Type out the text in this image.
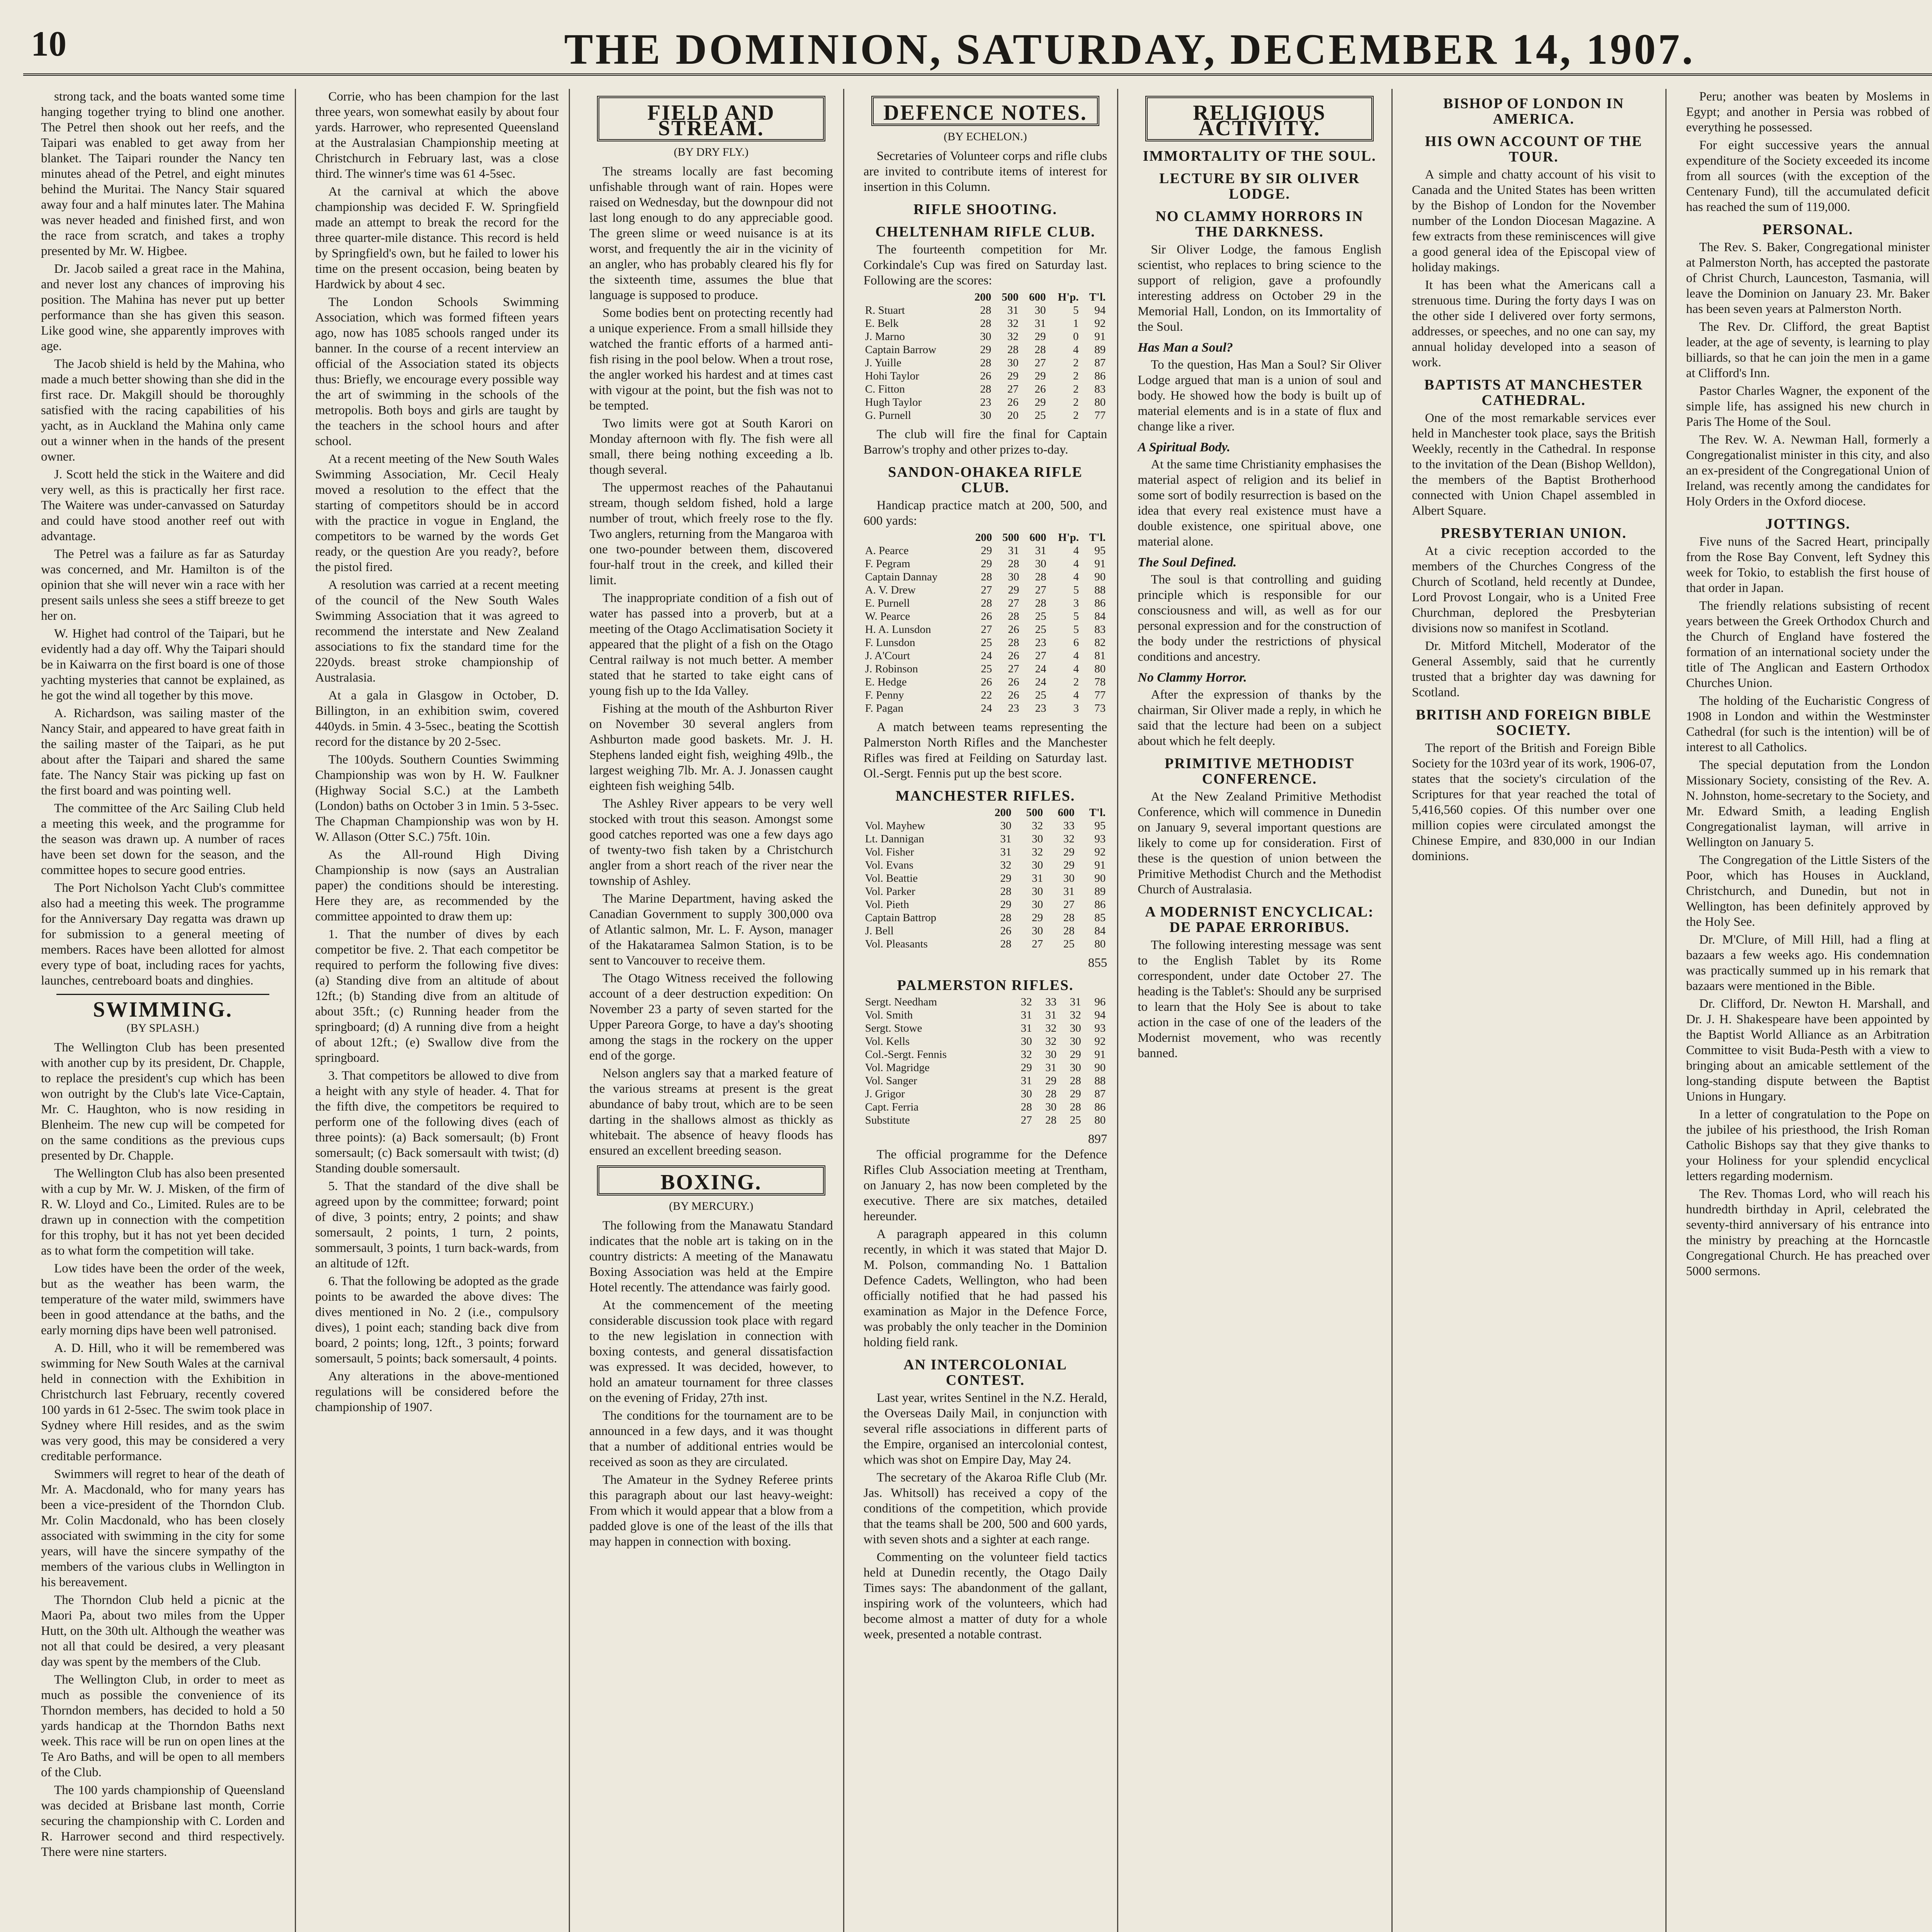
10	THE DOMINION, SATURDAY, DECEMBER 14, 1907.

strong tack, and the boats wanted some time hanging together trying to blind one another. The Petrel then shook out her reefs, and the Taipari was enabled to get away from her blanket. The Taipari rounder the Nancy ten minutes ahead of the Petrel, and eight minutes behind the Muritai. The Nancy Stair squared away four and a half minutes later. The Mahina was never headed and finished first, and won the race from scratch, and takes a trophy presented by Mr. W. Higbee.

Dr. Jacob sailed a great race in the Mahina, and never lost any chances of improving his position. The Mahina has never put up better performance than she has given this season. Like good wine, she apparently improves with age.

The Jacob shield is held by the Mahina, who made a much better showing than she did in the first race. Dr. Makgill should be thoroughly satisfied with the racing capabilities of his yacht, as in Auckland the Mahina only came out a winner when in the hands of the present owner.

J. Scott held the stick in the Waitere and did very well, as this is practically her first race. The Waitere was under-canvassed on Saturday and could have stood another reef out with advantage.

The Petrel was a failure as far as Saturday was concerned, and Mr. Hamilton is of the opinion that she will never win a race with her present sails unless she sees a stiff breeze to get her on.

W. Highet had control of the Taipari, but he evidently had a day off. Why the Taipari should be in Kaiwarra on the first board is one of those yachting mysteries that cannot be explained, as he got the wind all together by this move.

A. Richardson, was sailing master of the Nancy Stair, and appeared to have great faith in the sailing master of the Taipari, as he put about after the Taipari and shared the same fate. The Nancy Stair was picking up fast on the first board and was pointing well.

The committee of the Arc Sailing Club held a meeting this week, and the programme for the season was drawn up. A number of races have been set down for the season, and the committee hopes to secure good entries.

The Port Nicholson Yacht Club's committee also had a meeting this week. The programme for the Anniversary Day regatta was drawn up for submission to a general meeting of members. Races have been allotted for almost every type of boat, including races for yachts, launches, centreboard boats and dinghies.

SWIMMING.
(BY SPLASH.)

The Wellington Club has been presented with another cup by its president, Dr. Chapple, to replace the president's cup which has been won outright by the Club's late Vice-Captain, Mr. C. Haughton, who is now residing in Blenheim. The new cup will be competed for on the same conditions as the previous cups presented by Dr. Chapple.

The Wellington Club has also been presented with a cup by Mr. W. J. Misken, of the firm of R. W. Lloyd and Co., Limited. Rules are to be drawn up in connection with the competition for this trophy, but it has not yet been decided as to what form the competition will take.

Low tides have been the order of the week, but as the weather has been warm, the temperature of the water mild, swimmers have been in good attendance at the baths, and the early morning dips have been well patronised.

A. D. Hill, who it will be remembered was swimming for New South Wales at the carnival held in connection with the Exhibition in Christchurch last February, recently covered 100 yards in 61 2-5sec. The swim took place in Sydney where Hill resides, and as the swim was very good, this may be considered a very creditable performance.

Swimmers will regret to hear of the death of Mr. A. Macdonald, who for many years has been a vice-president of the Thorndon Club. Mr. Colin Macdonald, who has been closely associated with swimming in the city for some years, will have the sincere sympathy of the members of the various clubs in Wellington in his bereavement.

The Thorndon Club held a picnic at the Maori Pa, about two miles from the Upper Hutt, on the 30th ult. Although the weather was not all that could be desired, a very pleasant day was spent by the members of the Club.

The Wellington Club, in order to meet as much as possible the convenience of its Thorndon members, has decided to hold a 50 yards handicap at the Thorndon Baths next week. This race will be run on open lines at the Te Aro Baths, and will be open to all members of the Club.

The 100 yards championship of Queensland was decided at Brisbane last month, Corrie securing the championship with C. Lorden and R. Harrower second and third respectively. There were nine starters.

Corrie, who has been champion for the last three years, won somewhat easily by about four yards. Harrower, who represented Queensland at the Australasian Championship meeting at Christchurch in February last, was a close third. The winner's time was 61 4-5sec.

At the carnival at which the above championship was decided F. W. Springfield made an attempt to break the record for the three quarter-mile distance. This record is held by Springfield's own, but he failed to lower his time on the present occasion, being beaten by Hardwick by about 4 sec.

The London Schools Swimming Association, which was formed fifteen years ago, now has 1085 schools ranged under its banner. In the course of a recent interview an official of the Association stated its objects thus: Briefly, we encourage every possible way the art of swimming in the schools of the metropolis. Both boys and girls are taught by the teachers in the school hours and after school.

At a recent meeting of the New South Wales Swimming Association, Mr. Cecil Healy moved a resolution to the effect that the starting of competitors should be in accord with the practice in vogue in England, the competitors to be warned by the words Get ready, or the question Are you ready?, before the pistol fired.

A resolution was carried at a recent meeting of the council of the New South Wales Swimming Association that it was agreed to recommend the interstate and New Zealand associations to fix the standard time for the 220yds. breast stroke championship of Australasia.

At a gala in Glasgow in October, D. Billington, in an exhibition swim, covered 440yds. in 5min. 4 3-5sec., beating the Scottish record for the distance by 20 2-5sec.

The 100yds. Southern Counties Swimming Championship was won by H. W. Faulkner (Highway Social S.C.) at the Lambeth (London) baths on October 3 in 1min. 5 3-5sec. The Chapman Championship was won by H. W. Allason (Otter S.C.) 75ft. 10in.

As the All-round High Diving Championship is now (says an Australian paper) the conditions should be interesting. Here they are, as recommended by the committee appointed to draw them up:

1. That the number of dives by each competitor be five. 2. That each competitor be required to perform the following five dives: (a) Standing dive from an altitude of about 12ft.; (b) Standing dive from an altitude of about 35ft.; (c) Running header from the springboard; (d) A running dive from a height of about 12ft.; (e) Swallow dive from the springboard.

3. That competitors be allowed to dive from a height with any style of header. 4. That for the fifth dive, the competitors be required to perform one of the following dives (each of three points): (a) Back somersault; (b) Front somersault; (c) Back somersault with twist; (d) Standing double somersault.

5. That the standard of the dive shall be agreed upon by the committee; forward; point of dive, 3 points; entry, 2 points; and shaw somersault, 2 points, 1 turn, 2 points, sommersault, 3 points, 1 turn back-wards, from an altitude of 12ft.

6. That the following be adopted as the grade points to be awarded the above dives: The dives mentioned in No. 2 (i.e., compulsory dives), 1 point each; standing back dive from board, 2 points; long, 12ft., 3 points; forward somersault, 5 points; back somersault, 4 points.

Any alterations in the above-mentioned regulations will be considered before the championship of 1907.

FIELD AND STREAM.
(BY DRY FLY.)

The streams locally are fast becoming unfishable through want of rain. Hopes were raised on Wednesday, but the downpour did not last long enough to do any appreciable good. The green slime or weed nuisance is at its worst, and frequently the air in the vicinity of an angler, who has probably cleared his fly for the sixteenth time, assumes the blue that language is supposed to produce.

Some bodies bent on protecting recently had a unique experience. From a small hillside they watched the frantic efforts of a harmed anti-fish rising in the pool below. When a trout rose, the angler worked his hardest and at times cast with vigour at the point, but the fish was not to be tempted.

Two limits were got at South Karori on Monday afternoon with fly. The fish were all small, there being nothing exceeding a lb. though several.

The uppermost reaches of the Pahautanui stream, though seldom fished, hold a large number of trout, which freely rose to the fly. Two anglers, returning from the Mangaroa with one two-pounder between them, discovered four-half trout in the creek, and killed their limit.

The inappropriate condition of a fish out of water has passed into a proverb, but at a meeting of the Otago Acclimatisation Society it appeared that the plight of a fish on the Otago Central railway is not much better. A member stated that he started to take eight cans of young fish up to the Ida Valley.

Fishing at the mouth of the Ashburton River on November 30 several anglers from Ashburton made good baskets. Mr. J. H. Stephens landed eight fish, weighing 49lb., the largest weighing 7lb. Mr. A. J. Jonassen caught eighteen fish weighing 54lb.

The Ashley River appears to be very well stocked with trout this season. Amongst some good catches reported was one a few days ago of twenty-two fish taken by a Christchurch angler from a short reach of the river near the township of Ashley.

The Marine Department, having asked the Canadian Government to supply 300,000 ova of Atlantic salmon, Mr. L. F. Ayson, manager of the Hakataramea Salmon Station, is to be sent to Vancouver to receive them.

The Otago Witness received the following account of a deer destruction expedition: On November 23 a party of seven started for the Upper Pareora Gorge, to have a day's shooting among the stags in the rockery on the upper end of the gorge.

Nelson anglers say that a marked feature of the various streams at present is the great abundance of baby trout, which are to be seen darting in the shallows almost as thickly as whitebait. The absence of heavy floods has ensured an excellent breeding season.

BOXING.
(BY MERCURY.)

The following from the Manawatu Standard indicates that the noble art is taking on in the country districts: A meeting of the Manawatu Boxing Association was held at the Empire Hotel recently. The attendance was fairly good.

At the commencement of the meeting considerable discussion took place with regard to the new legislation in connection with boxing contests, and general dissatisfaction was expressed. It was decided, however, to hold an amateur tournament for three classes on the evening of Friday, 27th inst.

The conditions for the tournament are to be announced in a few days, and it was thought that a number of additional entries would be received as soon as they are circulated.

The Amateur in the Sydney Referee prints this paragraph about our last heavy-weight: From which it would appear that a blow from a padded glove is one of the least of the ills that may happen in connection with boxing.

DEFENCE NOTES.
(BY ECHELON.)

Secretaries of Volunteer corps and rifle clubs are invited to contribute items of interest for insertion in this Column.

RIFLE SHOOTING.
CHELTENHAM RIFLE CLUB.

The fourteenth competition for Mr. Corkindale's Cup was fired on Saturday last. Following are the scores:

	200	500	600	H'p.	T'l.
R. Stuart	28	31	30	5	94
E. Belk	28	32	31	1	92
J. Marno	30	32	29	0	91
Captain Barrow	29	28	28	4	89
J. Yuille	28	30	27	2	87
Hohi Taylor	26	29	29	2	86
C. Fitton	28	27	26	2	83
Hugh Taylor	23	26	29	2	80
G. Purnell	30	20	25	2	77

The club will fire the final for Captain Barrow's trophy and other prizes to-day.

SANDON-OHAKEA RIFLE CLUB.

Handicap practice match at 200, 500, and 600 yards:

	200	500	600	H'p.	T'l.
A. Pearce	29	31	31	4	95
F. Pegram	29	28	30	4	91
Captain Dannay	28	30	28	4	90
A. V. Drew	27	29	27	5	88
E. Purnell	28	27	28	3	86
W. Pearce	26	28	25	5	84
H. A. Lunsdon	27	26	25	5	83
F. Lunsdon	25	28	23	6	82
J. A'Court	24	26	27	4	81
J. Robinson	25	27	24	4	80
E. Hedge	26	26	24	2	78
F. Penny	22	26	25	4	77
F. Pagan	24	23	23	3	73

A match between teams representing the Palmerston North Rifles and the Manchester Rifles was fired at Feilding on Saturday last. Ol.-Sergt. Fennis put up the best score.

MANCHESTER RIFLES.
	200	500	600	T'l.
Vol. Mayhew	30	32	33	95
Lt. Dannigan	31	30	32	93
Vol. Fisher	31	32	29	92
Vol. Evans	32	30	29	91
Vol. Beattie	29	31	30	90
Vol. Parker	28	30	31	89
Vol. Pieth	29	30	27	86
Captain Battrop	28	29	28	85
J. Bell	26	30	28	84
Vol. Pleasants	28	27	25	80
855
PALMERSTON RIFLES.
Sergt. Needham	32	33	31	96
Vol. Smith	31	31	32	94
Sergt. Stowe	31	32	30	93
Vol. Kells	30	32	30	92
Col.-Sergt. Fennis	32	30	29	91
Vol. Magridge	29	31	30	90
Vol. Sanger	31	29	28	88
J. Grigor	30	28	29	87
Capt. Ferria	28	30	28	86
Substitute	27	28	25	80
897

The official programme for the Defence Rifles Club Association meeting at Trentham, on January 2, has now been completed by the executive. There are six matches, detailed hereunder.

A paragraph appeared in this column recently, in which it was stated that Major D. M. Polson, commanding No. 1 Battalion Defence Cadets, Wellington, who had been officially notified that he had passed his examination as Major in the Defence Force, was probably the only teacher in the Dominion holding field rank.

AN INTERCOLONIAL CONTEST.

Last year, writes Sentinel in the N.Z. Herald, the Overseas Daily Mail, in conjunction with several rifle associations in different parts of the Empire, organised an intercolonial contest, which was shot on Empire Day, May 24.

The secretary of the Akaroa Rifle Club (Mr. Jas. Whitsoll) has received a copy of the conditions of the competition, which provide that the teams shall be 200, 500 and 600 yards, with seven shots and a sighter at each range.

Commenting on the volunteer field tactics held at Dunedin recently, the Otago Daily Times says: The abandonment of the gallant, inspiring work of the volunteers, which had become almost a matter of duty for a whole week, presented a notable contrast.

RELIGIOUS ACTIVITY.
IMMORTALITY OF THE SOUL.
LECTURE BY SIR OLIVER LODGE.
NO CLAMMY HORRORS IN THE DARKNESS.

Sir Oliver Lodge, the famous English scientist, who replaces to bring science to the support of religion, gave a profoundly interesting address on October 29 in the Memorial Hall, London, on its Immortality of the Soul.

Has Man a Soul?

To the question, Has Man a Soul? Sir Oliver Lodge argued that man is a union of soul and body. He showed how the body is built up of material elements and is in a state of flux and change like a river.

A Spiritual Body.

At the same time Christianity emphasises the material aspect of religion and its belief in some sort of bodily resurrection is based on the idea that every real existence must have a double existence, one spiritual above, one material alone.

The Soul Defined.

The soul is that controlling and guiding principle which is responsible for our consciousness and will, as well as for our personal expression and for the construction of the body under the restrictions of physical conditions and ancestry.

No Clammy Horror.

After the expression of thanks by the chairman, Sir Oliver made a reply, in which he said that the lecture had been on a subject about which he felt deeply.

PRIMITIVE METHODIST CONFERENCE.

At the New Zealand Primitive Methodist Conference, which will commence in Dunedin on January 9, several important questions are likely to come up for consideration. First of these is the question of union between the Primitive Methodist Church and the Methodist Church of Australasia.

A MODERNIST ENCYCLICAL: DE PAPAE ERRORIBUS.

The following interesting message was sent to the English Tablet by its Rome correspondent, under date October 27. The heading is the Tablet's: Should any be surprised to learn that the Holy See is about to take action in the case of one of the leaders of the Modernist movement, who was recently banned.

BISHOP OF LONDON IN AMERICA.
HIS OWN ACCOUNT OF THE TOUR.

A simple and chatty account of his visit to Canada and the United States has been written by the Bishop of London for the November number of the London Diocesan Magazine. A few extracts from these reminiscences will give a good general idea of the Episcopal view of holiday makings.

It has been what the Americans call a strenuous time. During the forty days I was on the other side I delivered over forty sermons, addresses, or speeches, and no one can say, my annual holiday developed into a season of work.

BAPTISTS AT MANCHESTER CATHEDRAL.

One of the most remarkable services ever held in Manchester took place, says the British Weekly, recently in the Cathedral. In response to the invitation of the Dean (Bishop Welldon), the members of the Baptist Brotherhood connected with Union Chapel assembled in Albert Square.

PRESBYTERIAN UNION.

At a civic reception accorded to the members of the Churches Congress of the Church of Scotland, held recently at Dundee, Lord Provost Longair, who is a United Free Churchman, deplored the Presbyterian divisions now so manifest in Scotland.

Dr. Mitford Mitchell, Moderator of the General Assembly, said that he currently trusted that a brighter day was dawning for Scotland.

BRITISH AND FOREIGN BIBLE SOCIETY.

The report of the British and Foreign Bible Society for the 103rd year of its work, 1906-07, states that the society's circulation of the Scriptures for that year reached the total of 5,416,560 copies. Of this number over one million copies were circulated amongst the Chinese Empire, and 830,000 in our Indian dominions.

Peru; another was beaten by Moslems in Egypt; and another in Persia was robbed of everything he possessed.

For eight successive years the annual expenditure of the Society exceeded its income from all sources (with the exception of the Centenary Fund), till the accumulated deficit has reached the sum of 119,000.

PERSONAL.

The Rev. S. Baker, Congregational minister at Palmerston North, has accepted the pastorate of Christ Church, Launceston, Tasmania, will leave the Dominion on January 23. Mr. Baker has been seven years at Palmerston North.

The Rev. Dr. Clifford, the great Baptist leader, at the age of seventy, is learning to play billiards, so that he can join the men in a game at Clifford's Inn.

Pastor Charles Wagner, the exponent of the simple life, has assigned his new church in Paris The Home of the Soul.

The Rev. W. A. Newman Hall, formerly a Congregationalist minister in this city, and also an ex-president of the Congregational Union of Ireland, was recently among the candidates for Holy Orders in the Oxford diocese.

JOTTINGS.

Five nuns of the Sacred Heart, principally from the Rose Bay Convent, left Sydney this week for Tokio, to establish the first house of that order in Japan.

The friendly relations subsisting of recent years between the Greek Orthodox Church and the Church of England have fostered the formation of an international society under the title of The Anglican and Eastern Orthodox Churches Union.

The holding of the Eucharistic Congress of 1908 in London and within the Westminster Cathedral (for such is the intention) will be of interest to all Catholics.

The special deputation from the London Missionary Society, consisting of the Rev. A. N. Johnston, home-secretary to the Society, and Mr. Edward Smith, a leading English Congregationalist layman, will arrive in Wellington on January 5.

The Congregation of the Little Sisters of the Poor, which has Houses in Auckland, Christchurch, and Dunedin, but not in Wellington, has been definitely approved by the Holy See.

Dr. M'Clure, of Mill Hill, had a fling at bazaars a few weeks ago. His condemnation was practically summed up in his remark that bazaars were mentioned in the Bible.

Dr. Clifford, Dr. Newton H. Marshall, and Dr. J. H. Shakespeare have been appointed by the Baptist World Alliance as an Arbitration Committee to visit Buda-Pesth with a view to bringing about an amicable settlement of the long-standing dispute between the Baptist Unions in Hungary.

In a letter of congratulation to the Pope on the jubilee of his priesthood, the Irish Roman Catholic Bishops say that they give thanks to your Holiness for your splendid encyclical letters regarding modernism.

The Rev. Thomas Lord, who will reach his hundredth birthday in April, celebrated the seventy-third anniversary of his entrance into the ministry by preaching at the Horncastle Congregational Church. He has preached over 5000 sermons.
